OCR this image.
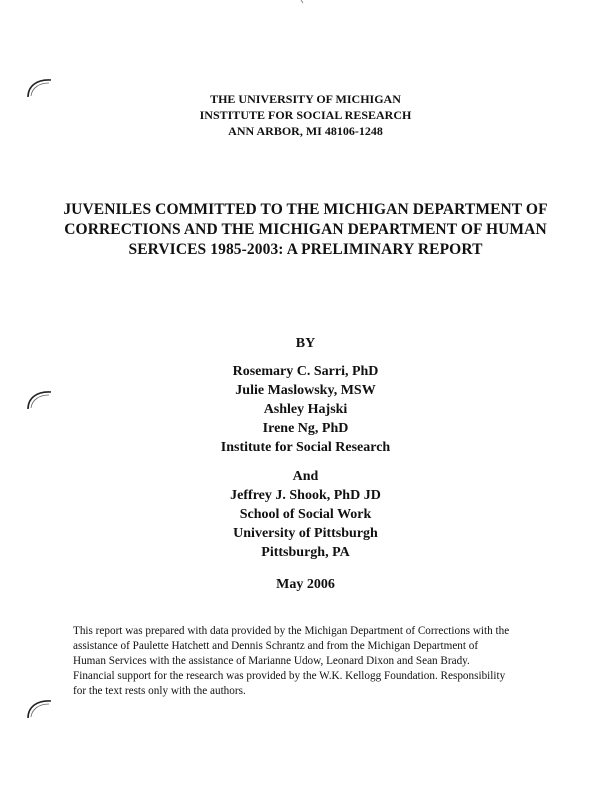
THE UNIVERSITY OF MICHIGAN
INSTITUTE FOR SOCIAL RESEARCH
ANN ARBOR, MI 48106-1248
JUVENILES COMMITTED TO THE MICHIGAN DEPARTMENT OF
CORRECTIONS AND THE MICHIGAN DEPARTMENT OF HUMAN
SERVICES 1985-2003: A PRELIMINARY REPORT
BY
Rosemary C. Sarri, PhD
Julie Maslowsky, MSW
Ashley Hajski
Irene Ng, PhD
Institute for Social Research
And
Jeffrey J. Shook, PhD JD
School of Social Work
University of Pittsburgh
Pittsburgh, PA
May 2006
This report was prepared with data provided by the Michigan Department of Corrections with the
assistance of Paulette Hatchett and Dennis Schrantz and from the Michigan Department of
Human Services with the assistance of Marianne Udow, Leonard Dixon and Sean Brady.
Financial support for the research was provided by the W.K. Kellogg Foundation. Responsibility
for the text rests only with the authors.
